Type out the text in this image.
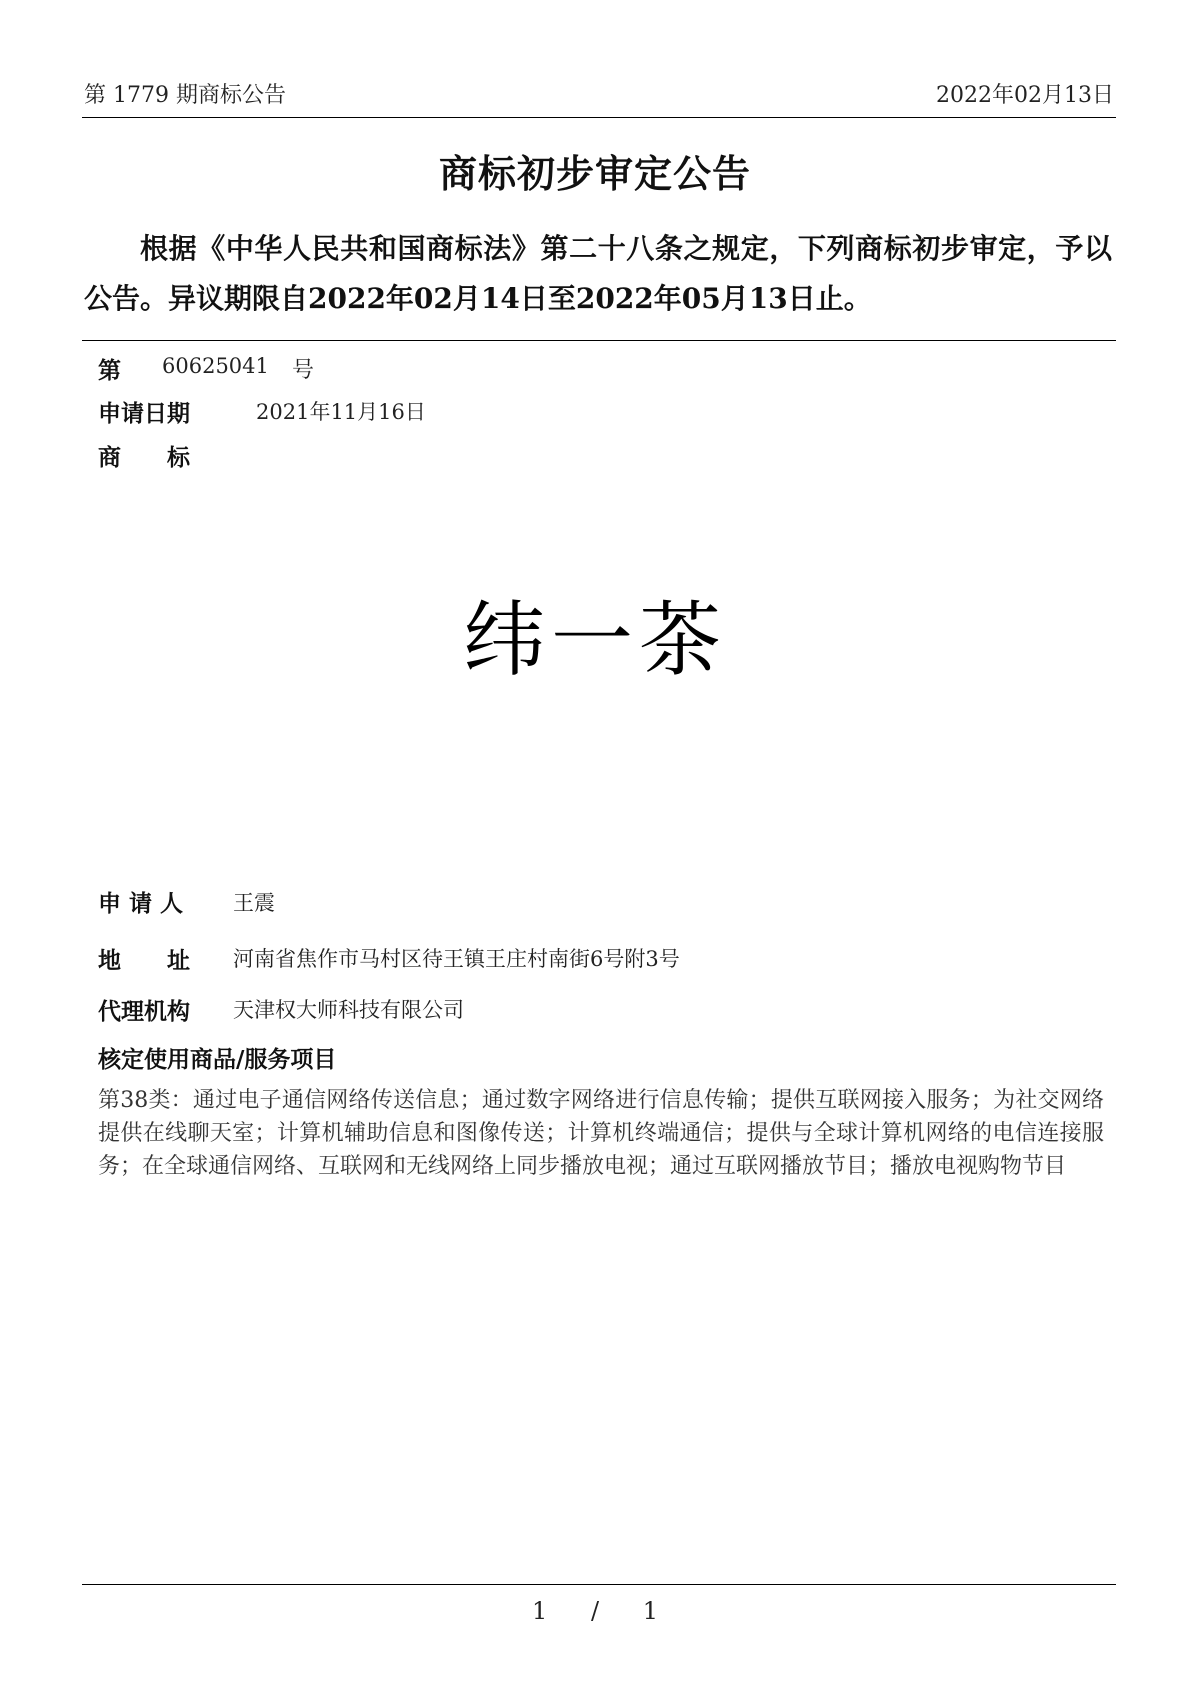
第 1779 期商标公告	2022年02月13日
商标初步审定公告
根据《中华人民共和国商标法》第二十八条之规定，下列商标初步审定，予以公告。异议期限自2022年02月14日至2022年05月13日止。
第 60625041 号
申请日期	2021年11月16日
商　　标
纬一茶
申 请 人 王震
地　　址 河南省焦作市马村区待王镇王庄村南街6号附3号
代理机构 天津权大师科技有限公司
核定使用商品/服务项目
第38类：通过电子通信网络传送信息；通过数字网络进行信息传输；提供互联网接入服务；为社交网络提供在线聊天室；计算机辅助信息和图像传送；计算机终端通信；提供与全球计算机网络的电信连接服务；在全球通信网络、互联网和无线网络上同步播放电视；通过互联网播放节目；播放电视购物节目
1 / 1
